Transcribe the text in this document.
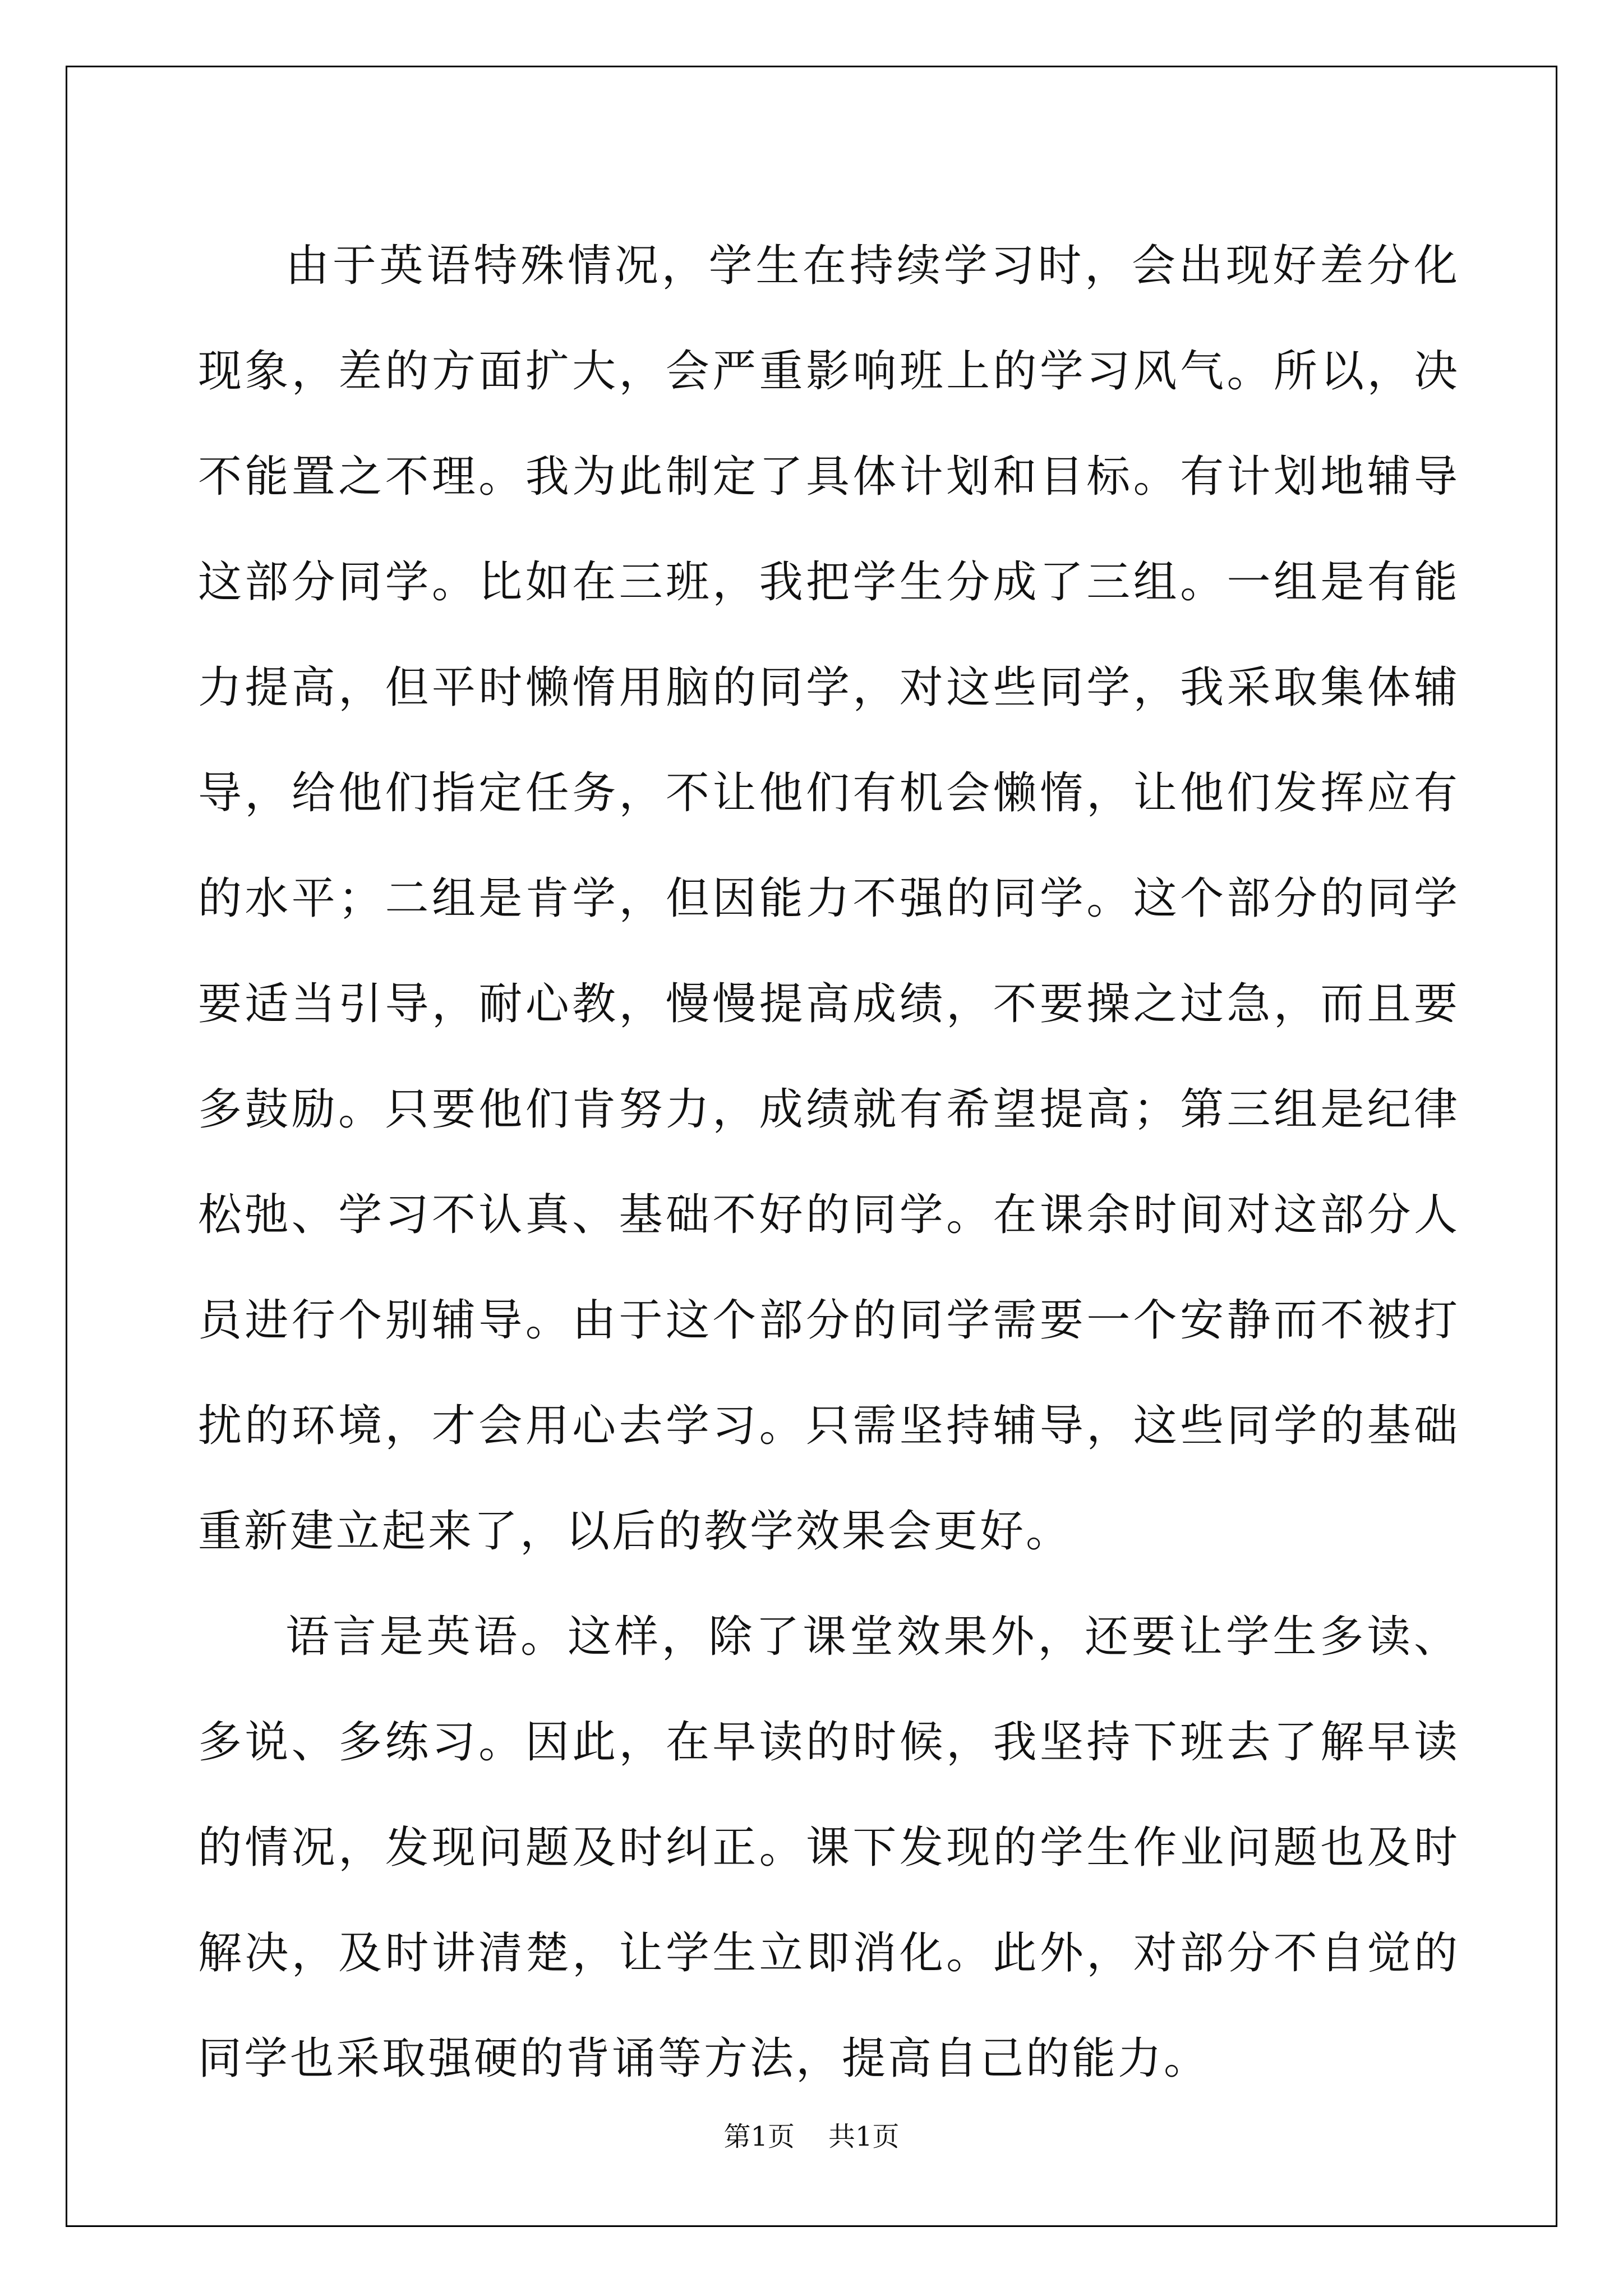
由于英语特殊情况，学生在持续学习时，会出现好差分化现象，差的方面扩大，会严重影响班上的学习风气。所以，决不能置之不理。我为此制定了具体计划和目标。有计划地辅导这部分同学。比如在三班，我把学生分成了三组。一组是有能力提高，但平时懒惰用脑的同学，对这些同学，我采取集体辅导，给他们指定任务，不让他们有机会懒惰，让他们发挥应有的水平；二组是肯学，但因能力不强的同学。这个部分的同学要适当引导，耐心教，慢慢提高成绩，不要操之过急，而且要多鼓励。只要他们肯努力，成绩就有希望提高；第三组是纪律松弛、学习不认真、基础不好的同学。在课余时间对这部分人员进行个别辅导。由于这个部分的同学需要一个安静而不被打扰的环境，才会用心去学习。只需坚持辅导，这些同学的基础重新建立起来了，以后的教学效果会更好。

语言是英语。这样，除了课堂效果外，还要让学生多读、多说、多练习。因此，在早读的时候，我坚持下班去了解早读的情况，发现问题及时纠正。课下发现的学生作业问题也及时解决，及时讲清楚，让学生立即消化。此外，对部分不自觉的同学也采取强硬的背诵等方法，提高自己的能力。

第1页 共1页
